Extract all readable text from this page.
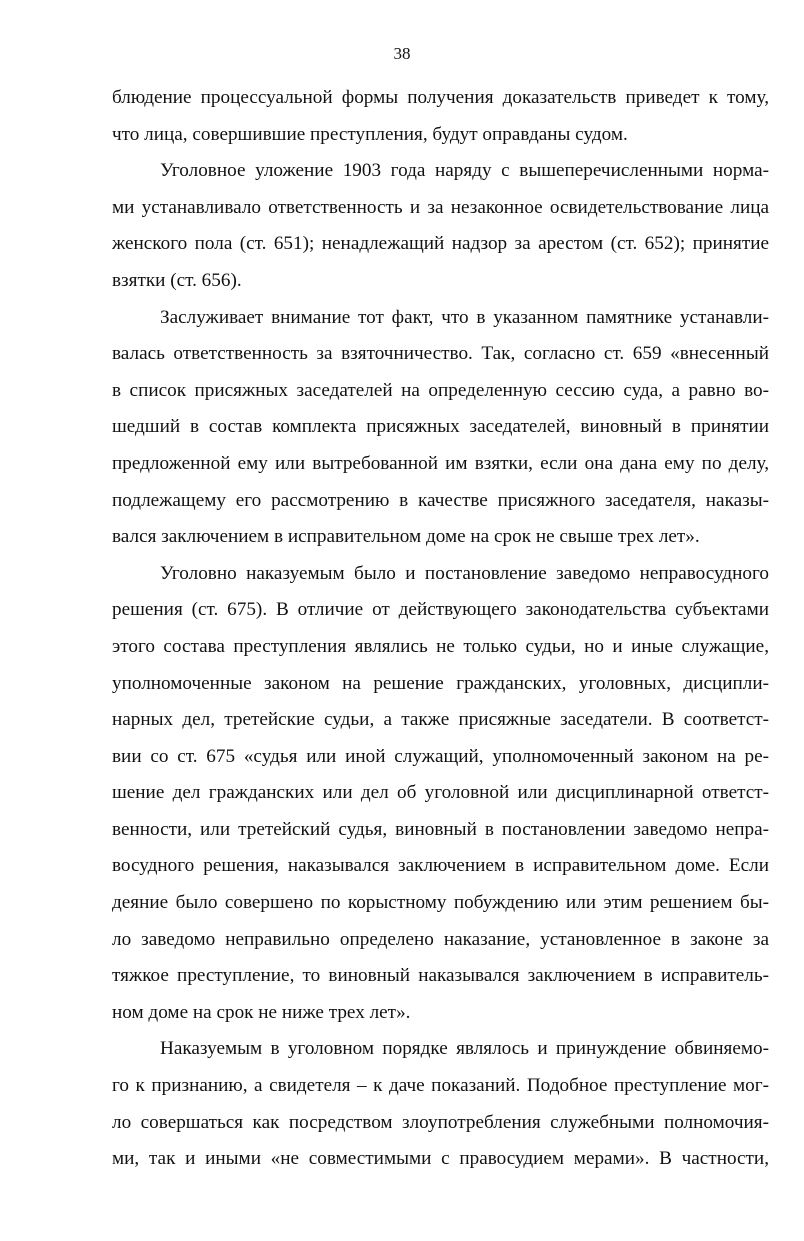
38
блюдение процессуальной формы получения доказательств приведет к тому,
что лица, совершившие преступления, будут оправданы судом.
Уголовное уложение 1903 года наряду с вышеперечисленными норма-
ми устанавливало ответственность и за незаконное освидетельствование лица
женского пола (ст. 651); ненадлежащий надзор за арестом (ст. 652); принятие
взятки (ст. 656).
Заслуживает внимание тот факт, что в указанном памятнике устанавли-
валась ответственность за взяточничество. Так, согласно ст. 659 «внесенный
в список присяжных заседателей на определенную сессию суда, а равно во-
шедший в состав комплекта присяжных заседателей, виновный в принятии
предложенной ему или вытребованной им взятки, если она дана ему по делу,
подлежащему его рассмотрению в качестве присяжного заседателя, наказы-
вался заключением в исправительном доме на срок не свыше трех лет».
Уголовно наказуемым было и постановление заведомо неправосудного
решения (ст. 675). В отличие от действующего законодательства субъектами
этого состава преступления являлись не только судьи, но и иные служащие,
уполномоченные законом на решение гражданских, уголовных, дисципли-
нарных дел, третейские судьи, а также присяжные заседатели. В соответст-
вии со ст. 675 «судья или иной служащий, уполномоченный законом на ре-
шение дел гражданских или дел об уголовной или дисциплинарной ответст-
венности, или третейский судья, виновный в постановлении заведомо непра-
восудного решения, наказывался заключением в исправительном доме. Если
деяние было совершено по корыстному побуждению или этим решением бы-
ло заведомо неправильно определено наказание, установленное в законе за
тяжкое преступление, то виновный наказывался заключением в исправитель-
ном доме на срок не ниже трех лет».
Наказуемым в уголовном порядке являлось и принуждение обвиняемо-
го к признанию, а свидетеля – к даче показаний. Подобное преступление мог-
ло совершаться как посредством злоупотребления служебными полномочия-
ми, так и иными «не совместимыми с правосудием мерами». В частности,
